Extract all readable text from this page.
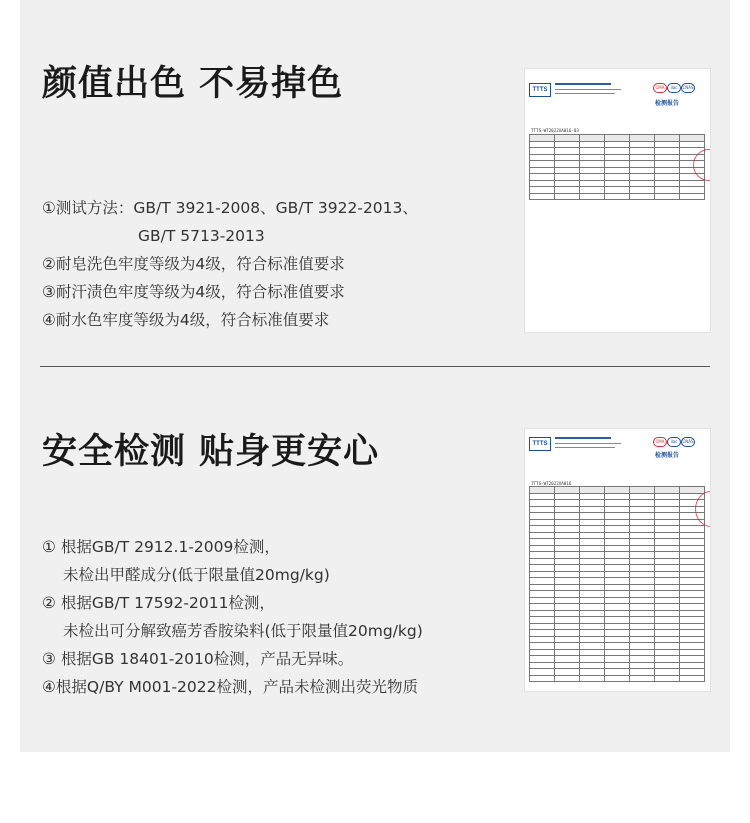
颜值出色 不易掉色
①测试方法：GB/T 3921-2008、GB/T 3922-2013、
GB/T 5713-2013
②耐皂洗色牢度等级为4级，符合标准值要求
③耐汗渍色牢度等级为4级，符合标准值要求
④耐水色牢度等级为4级，符合标准值要求
TTTS	CMA	ilac	CNAS
检测报告
TTTS-WT2022XA016-03

安全检测 贴身更安心
① 根据GB/T 2912.1-2009检测，
未检出甲醛成分(低于限量值20mg/kg)
② 根据GB/T 17592-2011检测，
未检出可分解致癌芳香胺染料(低于限量值20mg/kg)
③ 根据GB 18401-2010检测，产品无异味。
④根据Q/BY M001-2022检测，产品未检测出荧光物质
TTTS	CMA	ilac	CNAS
检测报告
TTTS-WT2022XA016
